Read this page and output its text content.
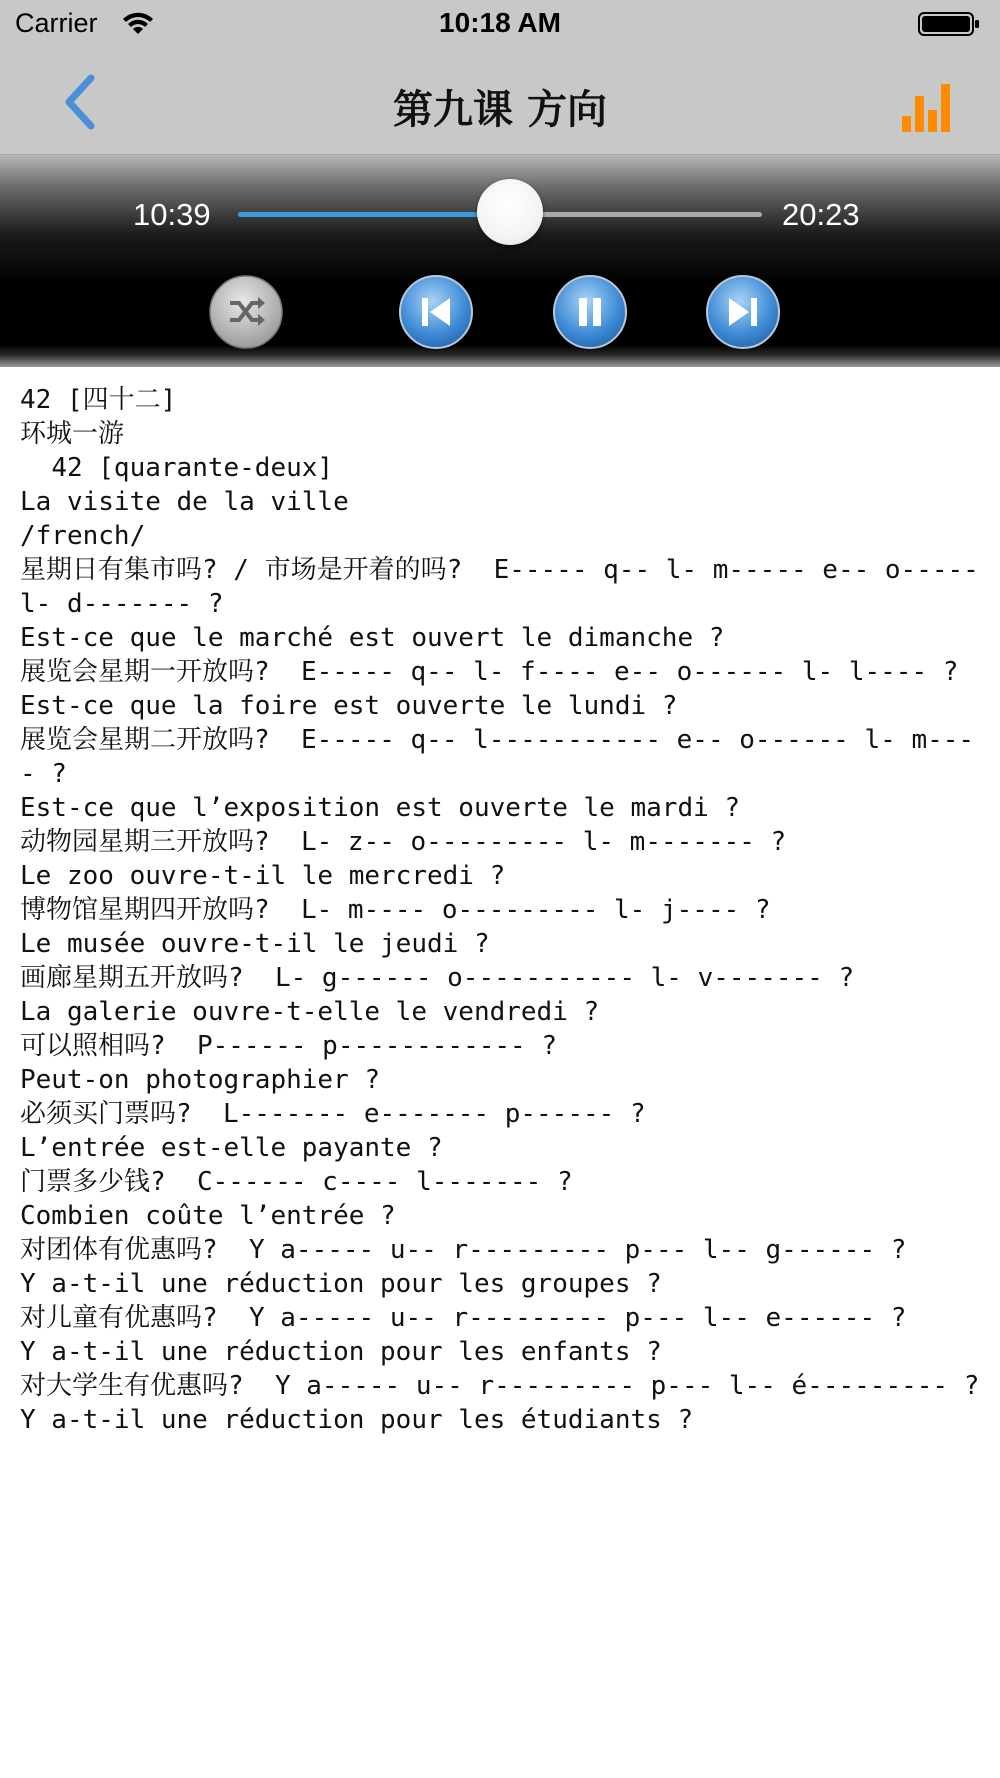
Carrier	10:18 AM
第九课 方向
10:39	20:23
42 [四十二]
环城一游
42 [quarante-deux]
La visite de la ville
/french/
星期日有集市吗? / 市场是开着的吗?  E----- q-- l- m----- e-- o----- l- d------- ?
Est-ce que le marché est ouvert le dimanche ?
展览会星期一开放吗?  E----- q-- l- f---- e-- o------ l- l---- ?
Est-ce que la foire est ouverte le lundi ?
展览会星期二开放吗?  E----- q-- l----------- e-- o------ l- m---- ?
Est-ce que l’exposition est ouverte le mardi ?
动物园星期三开放吗?  L- z-- o--------- l- m------- ?
Le zoo ouvre-t-il le mercredi ?
博物馆星期四开放吗?  L- m---- o--------- l- j---- ?
Le musée ouvre-t-il le jeudi ?
画廊星期五开放吗?  L- g------ o----------- l- v------- ?
La galerie ouvre-t-elle le vendredi ?
可以照相吗?  P------ p------------ ?
Peut-on photographier ?
必须买门票吗?  L------- e------- p------ ?
L’entrée est-elle payante ?
门票多少钱?  C------ c---- l------- ?
Combien coûte l’entrée ?
对团体有优惠吗?  Y a----- u-- r--------- p--- l-- g------ ?
Y a-t-il une réduction pour les groupes ?
对儿童有优惠吗?  Y a----- u-- r--------- p--- l-- e------ ?
Y a-t-il une réduction pour les enfants ?
对大学生有优惠吗?  Y a----- u-- r--------- p--- l-- é--------- ?
Y a-t-il une réduction pour les étudiants ?
